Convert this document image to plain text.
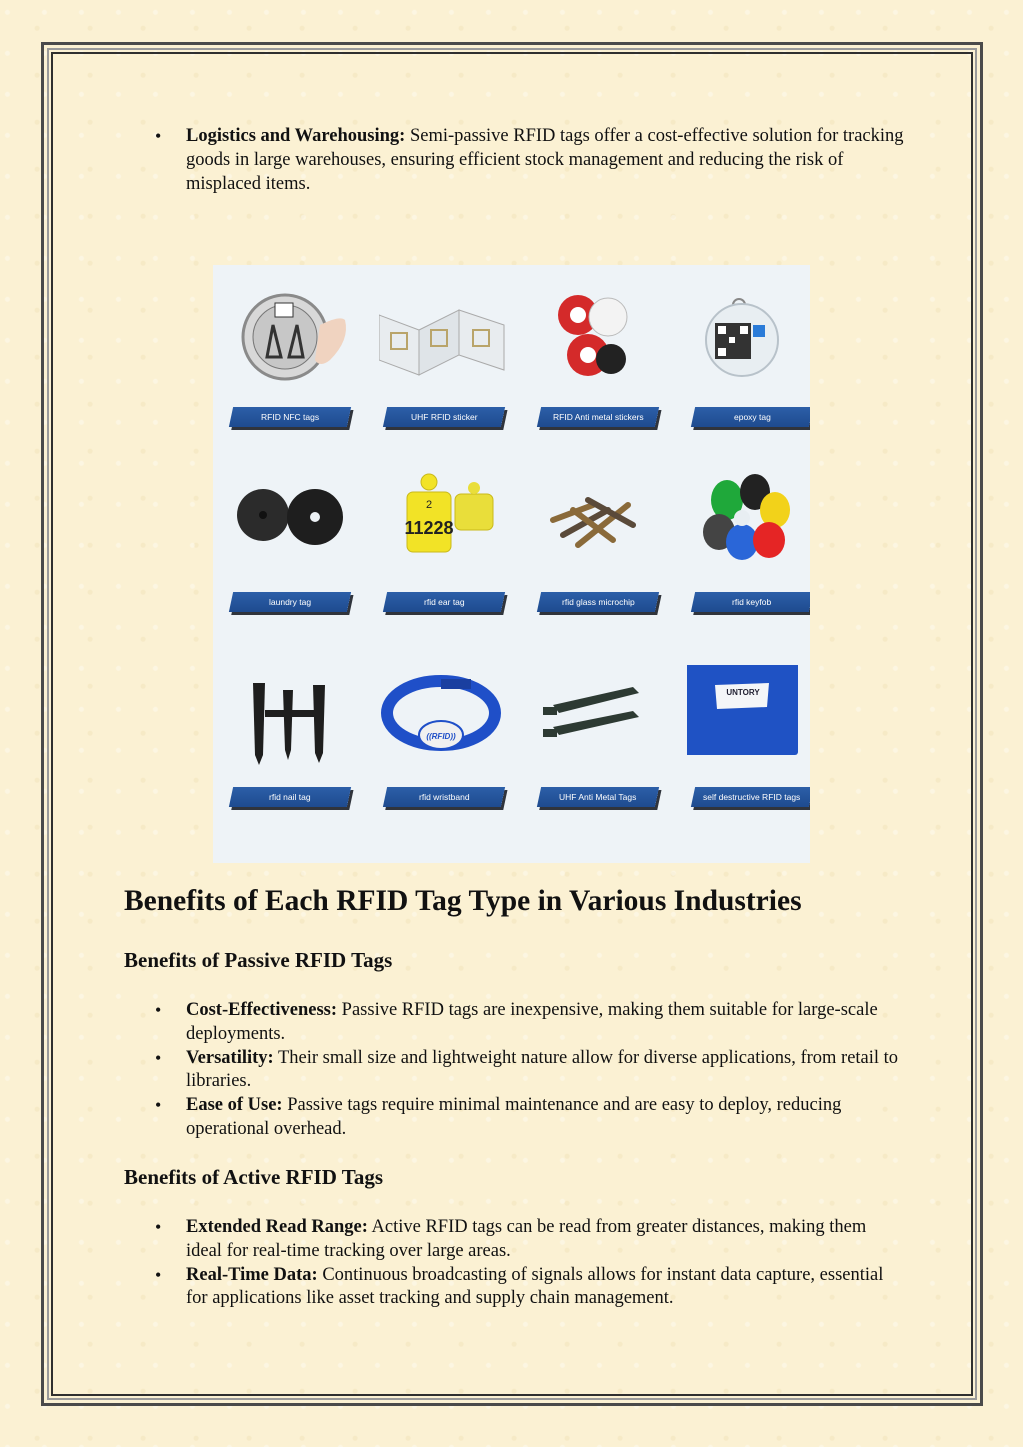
• Logistics and Warehousing: Semi-passive RFID tags offer a cost-effective solution for tracking goods in large warehouses, ensuring efficient stock management and reducing the risk of misplaced items.
RFID NFC tags	UHF RFID sticker	RFID Anti metal stickers	epoxy tag
laundry tag
2
11228
rfid ear tag	rfid glass microchip	rfid keyfob
rfid nail tag
((RFID))
rfid wristband	UHF Anti Metal Tags
UNTORY
self destructive RFID tags
Benefits of Each RFID Tag Type in Various Industries
Benefits of Passive RFID Tags
• Cost-Effectiveness: Passive RFID tags are inexpensive, making them suitable for large-scale deployments.
• Versatility: Their small size and lightweight nature allow for diverse applications, from retail to libraries.
• Ease of Use: Passive tags require minimal maintenance and are easy to deploy, reducing operational overhead.
Benefits of Active RFID Tags
• Extended Read Range: Active RFID tags can be read from greater distances, making them ideal for real-time tracking over large areas.
• Real-Time Data: Continuous broadcasting of signals allows for instant data capture, essential for applications like asset tracking and supply chain management.
